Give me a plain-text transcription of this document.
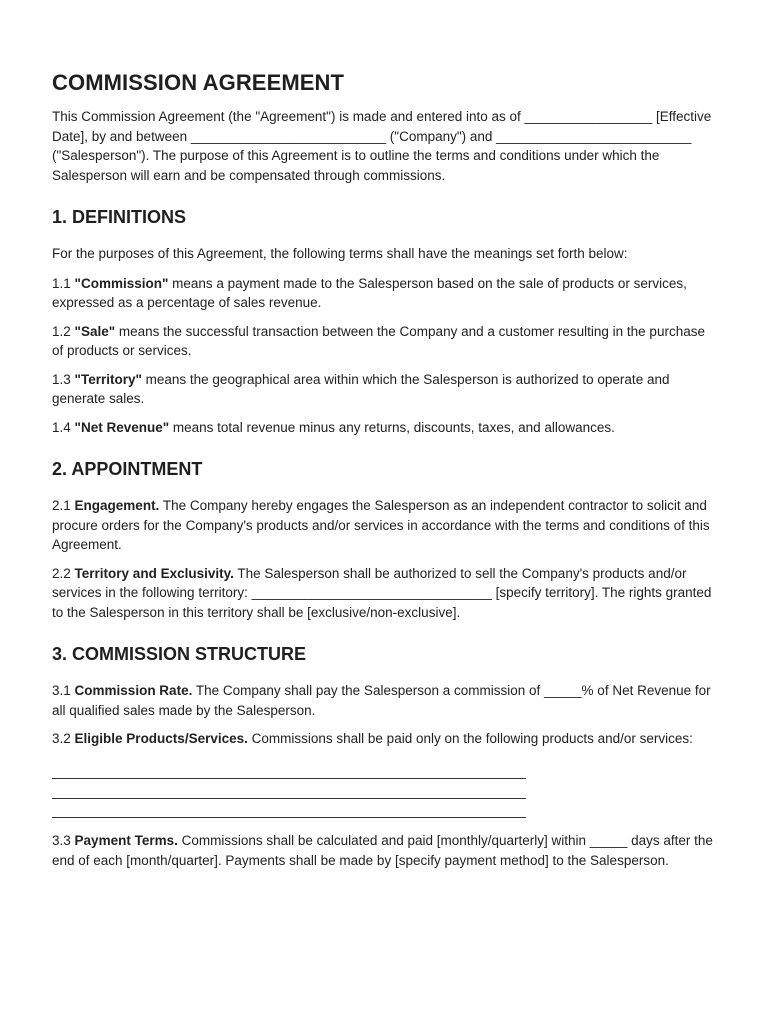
COMMISSION AGREEMENT

This Commission Agreement (the "Agreement") is made and entered into as of _________________ [Effective Date], by and between __________________________ ("Company") and __________________________ ("Salesperson"). The purpose of this Agreement is to outline the terms and conditions under which the Salesperson will earn and be compensated through commissions.

1. DEFINITIONS

For the purposes of this Agreement, the following terms shall have the meanings set forth below:

1.1 "Commission" means a payment made to the Salesperson based on the sale of products or services, expressed as a percentage of sales revenue.

1.2 "Sale" means the successful transaction between the Company and a customer resulting in the purchase of products or services.

1.3 "Territory" means the geographical area within which the Salesperson is authorized to operate and generate sales.

1.4 "Net Revenue" means total revenue minus any returns, discounts, taxes, and allowances.

2. APPOINTMENT

2.1 Engagement. The Company hereby engages the Salesperson as an independent contractor to solicit and procure orders for the Company's products and/or services in accordance with the terms and conditions of this Agreement.

2.2 Territory and Exclusivity. The Salesperson shall be authorized to sell the Company's products and/or services in the following territory: ________________________________ [specify territory]. The rights granted to the Salesperson in this territory shall be [exclusive/non-exclusive].

3. COMMISSION STRUCTURE

3.1 Commission Rate. The Company shall pay the Salesperson a commission of _____% of Net Revenue for all qualified sales made by the Salesperson.

3.2 Eligible Products/Services. Commissions shall be paid only on the following products and/or services:

3.3 Payment Terms. Commissions shall be calculated and paid [monthly/quarterly] within _____ days after the end of each [month/quarter]. Payments shall be made by [specify payment method] to the Salesperson.
